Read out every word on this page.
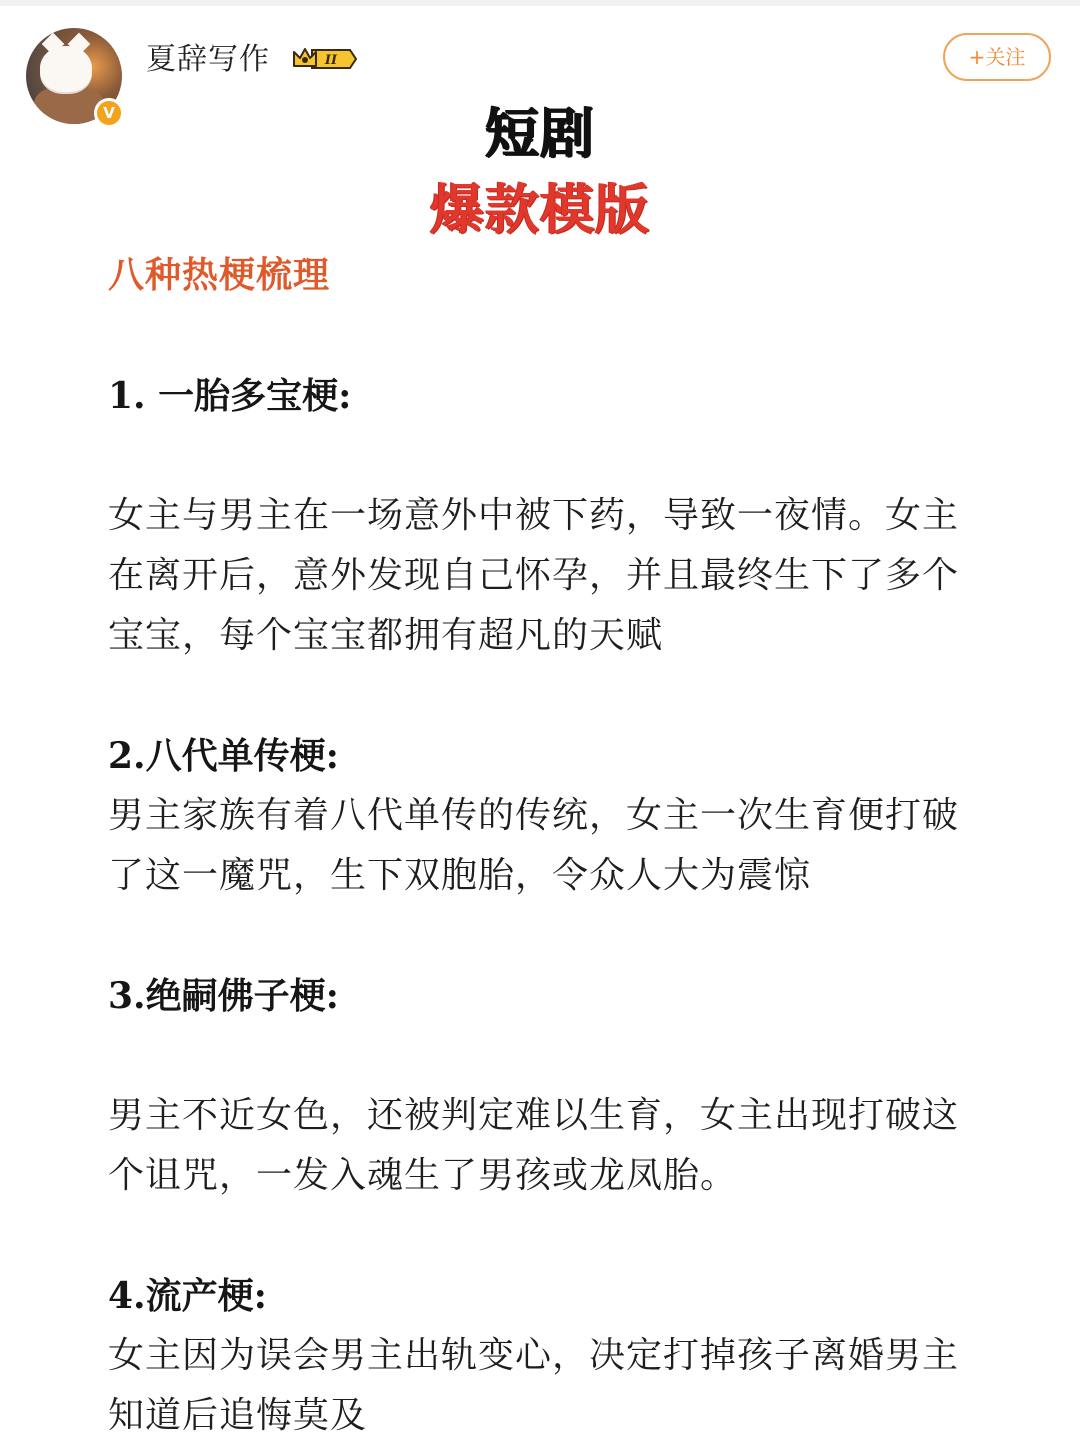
V
夏辞写作	II	+关注
短剧
爆款模版
八种热梗梳理
1. 一胎多宝梗:
女主与男主在一场意外中被下药，导致一夜情。女主
在离开后，意外发现自己怀孕，并且最终生下了多个
宝宝，每个宝宝都拥有超凡的天赋
2.八代单传梗:
男主家族有着八代单传的传统，女主一次生育便打破
了这一魔咒，生下双胞胎，令众人大为震惊
3.绝嗣佛子梗:
男主不近女色，还被判定难以生育，女主出现打破这
个诅咒，一发入魂生了男孩或龙凤胎。
4.流产梗:
女主因为误会男主出轨变心，决定打掉孩子离婚男主
知道后追悔莫及
